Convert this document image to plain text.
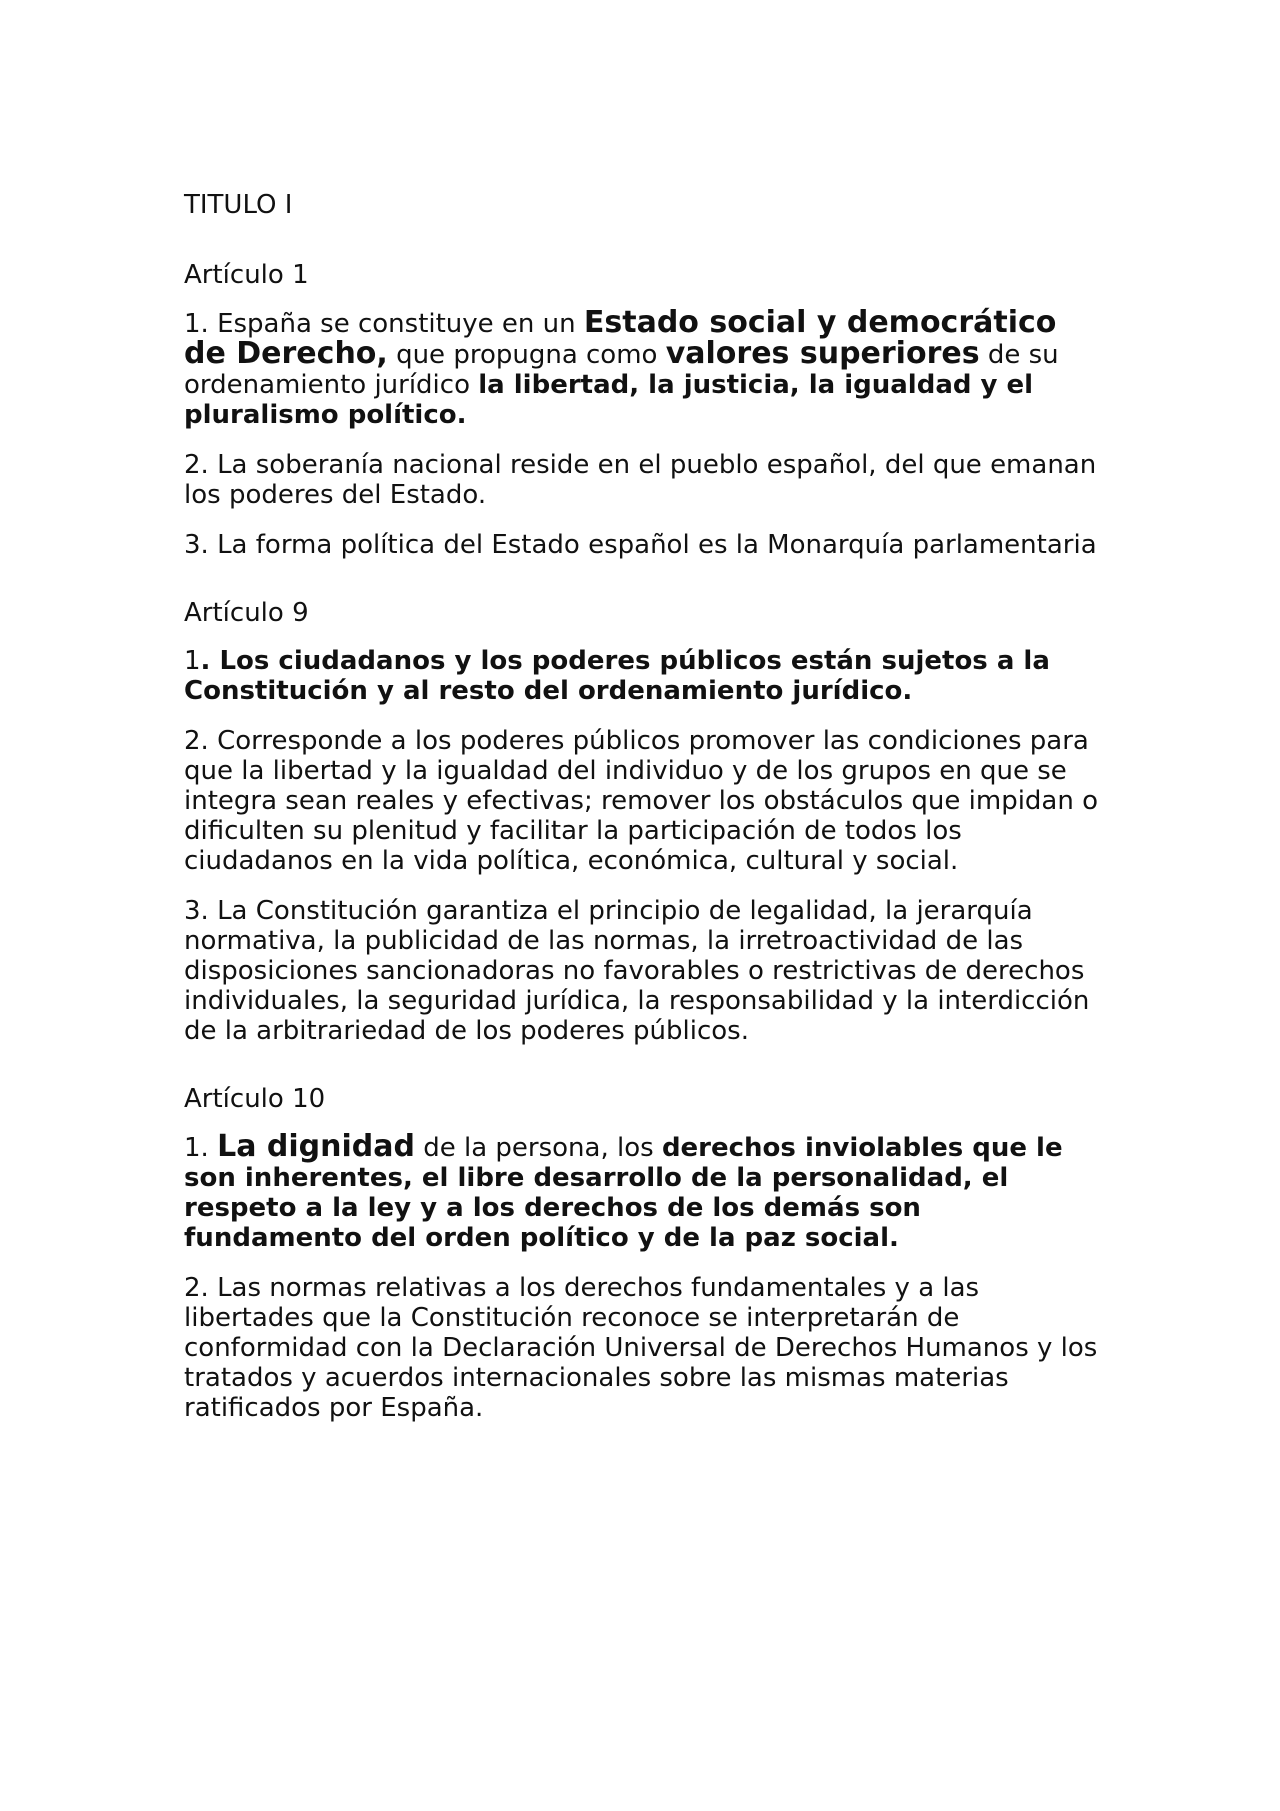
TITULO I
Artículo 1

1. España se constituye en un Estado social y democrático de Derecho, que propugna como valores superiores de su ordenamiento jurídico la libertad, la justicia, la igualdad y el pluralismo político.

2. La soberanía nacional reside en el pueblo español, del que emanan los poderes del Estado.

3. La forma política del Estado español es la Monarquía parlamentaria

Artículo 9

1. Los ciudadanos y los poderes públicos están sujetos a la Constitución y al resto del ordenamiento jurídico.

2. Corresponde a los poderes públicos promover las condiciones para que la libertad y la igualdad del individuo y de los grupos en que se integra sean reales y efectivas; remover los obstáculos que impidan o dificulten su plenitud y facilitar la participación de todos los ciudadanos en la vida política, económica, cultural y social.

3. La Constitución garantiza el principio de legalidad, la jerarquía normativa, la publicidad de las normas, la irretroactividad de las disposiciones sancionadoras no favorables o restrictivas de derechos individuales, la seguridad jurídica, la responsabilidad y la interdicción de la arbitrariedad de los poderes públicos.

Artículo 10

1. La dignidad de la persona, los derechos inviolables que le son inherentes, el libre desarrollo de la personalidad, el respeto a la ley y a los derechos de los demás son fundamento del orden político y de la paz social.

2. Las normas relativas a los derechos fundamentales y a las libertades que la Constitución reconoce se interpretarán de conformidad con la Declaración Universal de Derechos Humanos y los tratados y acuerdos internacionales sobre las mismas materias ratificados por España.
